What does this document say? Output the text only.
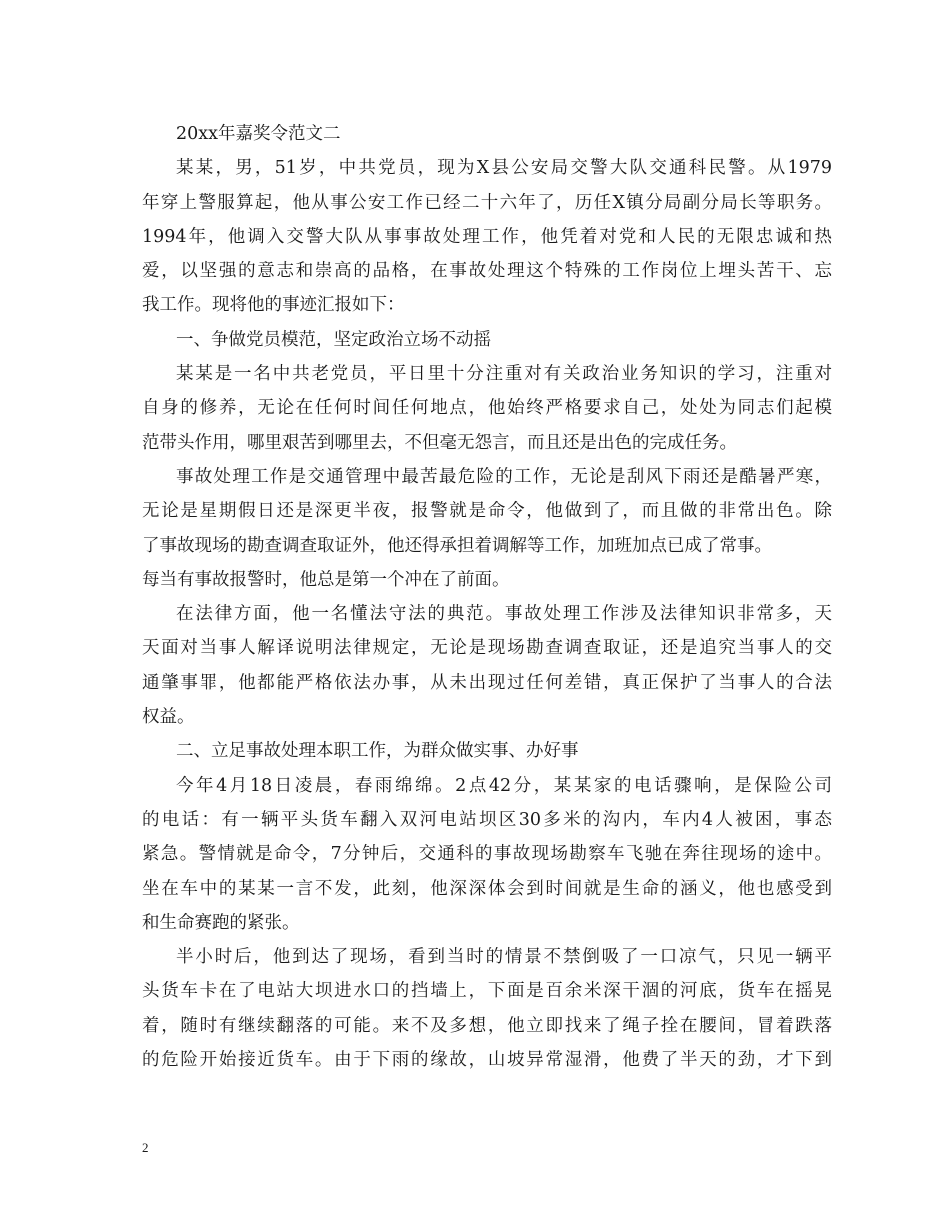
20xx年嘉奖令范文二
某某，男，51岁，中共党员，现为X县公安局交警大队交通科民警。从1979
年穿上警服算起，他从事公安工作已经二十六年了，历任X镇分局副分局长等职务。
1994年，他调入交警大队从事事故处理工作，他凭着对党和人民的无限忠诚和热
爱，以坚强的意志和崇高的品格，在事故处理这个特殊的工作岗位上埋头苦干、忘
我工作。现将他的事迹汇报如下：
一、争做党员模范，坚定政治立场不动摇
某某是一名中共老党员，平日里十分注重对有关政治业务知识的学习，注重对
自身的修养，无论在任何时间任何地点，他始终严格要求自己，处处为同志们起模
范带头作用，哪里艰苦到哪里去，不但毫无怨言，而且还是出色的完成任务。
事故处理工作是交通管理中最苦最危险的工作，无论是刮风下雨还是酷暑严寒，
无论是星期假日还是深更半夜，报警就是命令，他做到了，而且做的非常出色。除
了事故现场的勘查调查取证外，他还得承担着调解等工作，加班加点已成了常事。
每当有事故报警时，他总是第一个冲在了前面。
在法律方面，他一名懂法守法的典范。事故处理工作涉及法律知识非常多，天
天面对当事人解译说明法律规定，无论是现场勘查调查取证，还是追究当事人的交
通肇事罪，他都能严格依法办事，从未出现过任何差错，真正保护了当事人的合法
权益。
二、立足事故处理本职工作，为群众做实事、办好事
今年4月18日凌晨，春雨绵绵。2点42分，某某家的电话骤响，是保险公司
的电话：有一辆平头货车翻入双河电站坝区30多米的沟内，车内4人被困，事态
紧急。警情就是命令，7分钟后，交通科的事故现场勘察车飞驰在奔往现场的途中。
坐在车中的某某一言不发，此刻，他深深体会到时间就是生命的涵义，他也感受到
和生命赛跑的紧张。
半小时后，他到达了现场，看到当时的情景不禁倒吸了一口凉气，只见一辆平
头货车卡在了电站大坝进水口的挡墙上，下面是百余米深干涸的河底，货车在摇晃
着，随时有继续翻落的可能。来不及多想，他立即找来了绳子拴在腰间，冒着跌落
的危险开始接近货车。由于下雨的缘故，山坡异常湿滑，他费了半天的劲，才下到
2
